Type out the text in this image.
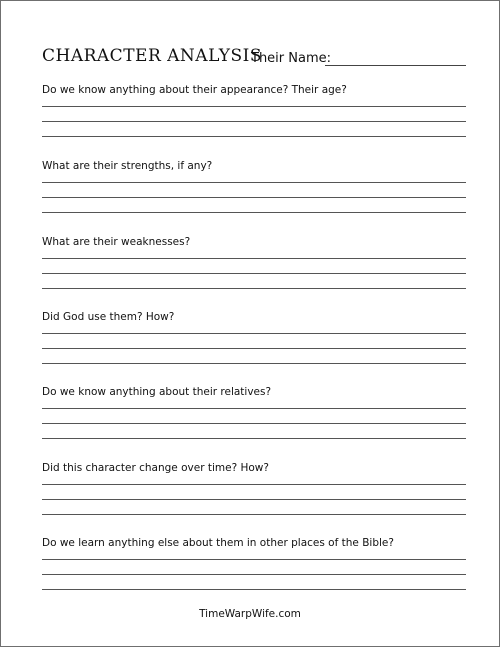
CHARACTER ANALYSIS
Their Name:

Do we know anything about their appearance? Their age?

What are their strengths, if any?

What are their weaknesses?

Did God use them? How?

Do we know anything about their relatives?

Did this character change over time? How?

Do we learn anything else about them in other places of the Bible?

TimeWarpWife.com
